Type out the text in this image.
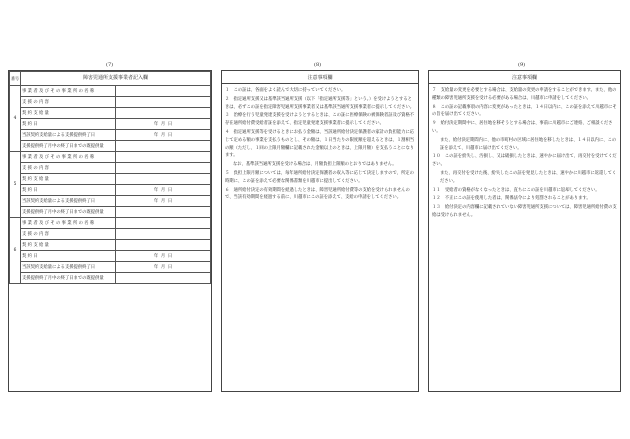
(7)	(8)	(9)
番号	障害児通所支援事業者記入欄	
4	事 業 者 及 び そ の 事 業 所 の 名 称	
	支 援 の 内 容	
	契 約 支 給 量	
	契 約 日	年  月  日
	当該契約支給量による支援提供終了日	年  月  日
	支援提供終了月中の終了日までの既提供量	
5	事 業 者 及 び そ の 事 業 所 の 名 称	
	支 援 の 内 容	
	契 約 支 給 量	
	契 約 日	年  月  日
	当該契約支給量による支援提供終了日	年  月  日
	支援提供終了月中の終了日までの既提供量	
6	事 業 者 及 び そ の 事 業 所 の 名 称	
	支 援 の 内 容	
	契 約 支 給 量	
	契 約 日	年  月  日
	当該契約支給量による支援提供終了日	年  月  日
	支援提供終了月中の終了日までの既提供量	
注意事項欄

１　この証は、各面をよく読んで大切に持っていてください。

２　指定通所支援又は基準該当通所支援（以下「指定通所支援等」という。）を受けようとするときは、必ずこの証を指定障害児通所支援事業者又は基準該当通所支援事業者に提示してください。

３　治療を行う児童発達支援を受けようとするときは、この証に医療保険の被保険者証及び資格不存在通所給付費受給者証を添えて、指定児童発達支援事業者に提示してください。

４　指定通所支援等を受けるときにお払う金額は、当該通所給付決定保護者の家計の負担能力に応じて定める額の事業を支払うものとし、その額は、１日当たりの限度額を超えるときは、１割相当の額（ただし、１回の上限月額欄に記載された金額以上のときは、上限月額）を支払うことになります。

なお、基準該当通所支援を受ける場合は、月額負担上限額のとおりではありません。

５　負担上限月額については、毎年通所給付決定保護者の収入等に応じて決定しますので、所定の時期に、この証を添えて必要な関係書類を川越市に提出してください。

６　通所給付決定の有効期間を経過したときは、障害児通所給付費等の支給を受けられませんので、当該有効期間を経過する前に、川越市にこの証を添えて、支給の申請をしてください。

注意事項欄

７　支給量の変更を必要とする場合は、支給量の変更の申請をすることができます。また、他の種類の障害児通所支援を受ける必要がある場合は、川越市に申請をしてください。

８　この証の記載事項の内容に変更があったときは、１４日以内に、この証を添えて川越市にその旨を届け出てください。

９　給付決定期間中に、居住地を移そうとする場合は、事前に川越市にご連絡、ご相談ください。

また、給付決定期間内に、他の市町村の区域に居住地を移したときは、１４日以内に、この証を添えて、川越市に届け出てください。

１０　この証を紛失し、汚損し、又は破損したときは、速やかに届け出て、再交付を受けてください。

また、再交付を受けた後、紛失したこの証を発見したときは、速やかに川越市に返還してください。

１１　受給者の資格がなくなったときは、直ちにこの証を川越市に返却してください。

１２　不正にこの証を使用した者は、関係法令により処罰されることがあります。

１３　給付決定の内容欄に記載されていない障害児通所支援については、障害児通所給付費の支給は受けられません。
